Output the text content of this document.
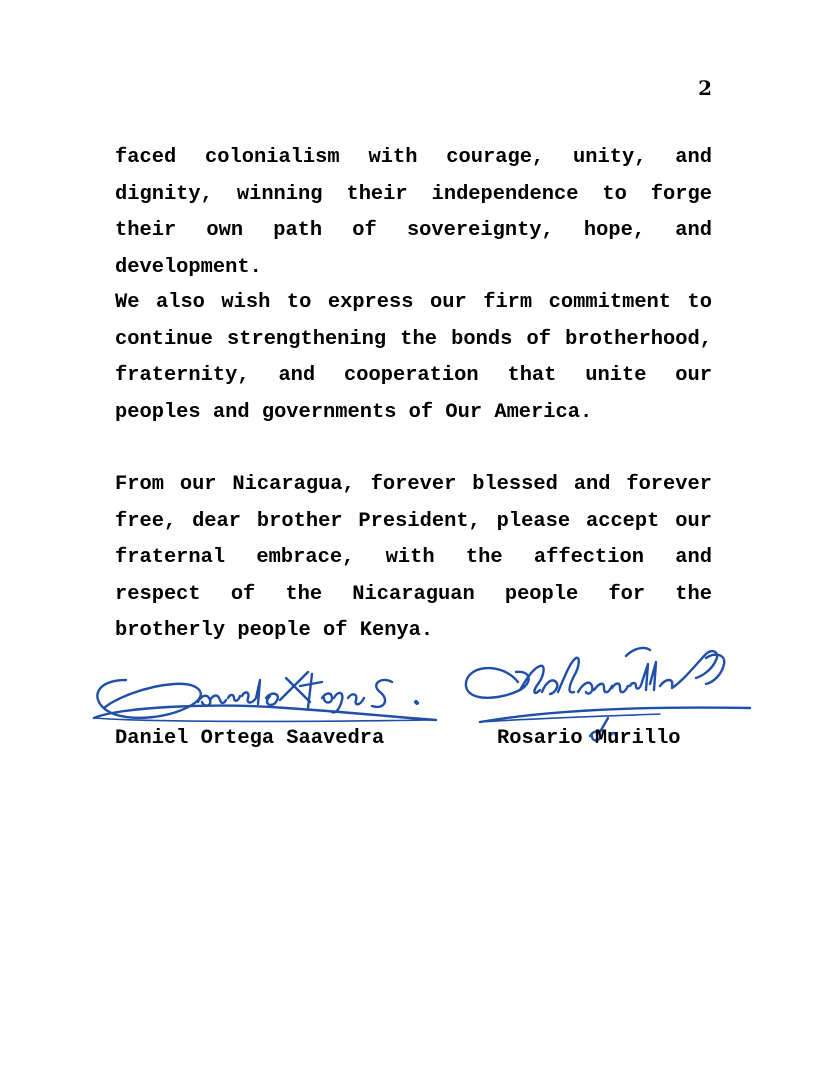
2

faced colonialism with courage, unity, and dignity, winning their independence to forge their own path of sovereignty, hope, and development.

We also wish to express our firm commitment to continue strengthening the bonds of brotherhood, fraternity, and cooperation that unite our peoples and governments of Our America.

From our Nicaragua, forever blessed and forever free, dear brother President, please accept our fraternal embrace, with the affection and respect of the Nicaraguan people for the brotherly people of Kenya.

Daniel Ortega Saavedra	Rosario Murillo
